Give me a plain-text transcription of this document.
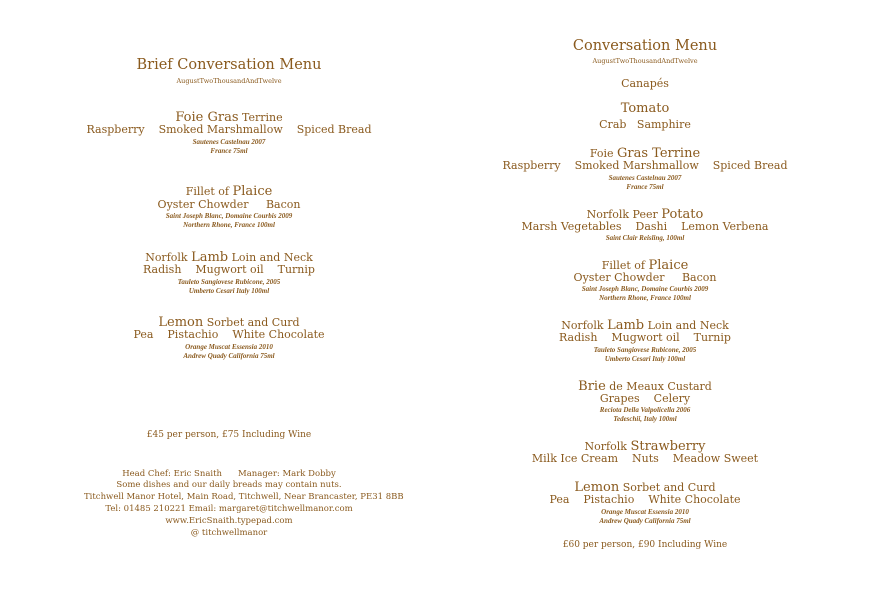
Brief Conversation Menu
AugustTwoThousandAndTwelve
Foie Gras Terrine
Raspberry    Smoked Marshmallow    Spiced Bread
Sautenes Castelnau 2007
France 75ml
Fillet of Plaice
Oyster Chowder     Bacon
Saint Joseph Blanc, Domaine Courbis 2009
Northern Rhone, France 100ml
Norfolk Lamb Loin and Neck
Radish    Mugwort oil    Turnip
Tauleto Sangiovese Rubicone, 2005
Umberto Cesari Italy 100ml
Lemon Sorbet and Curd
Pea    Pistachio    White Chocolate
Orange Muscat Essensia 2010
Andrew Quady California 75ml
£45 per person, £75 Including Wine
Head Chef: Eric Snaith Manager: Mark Dobby
Some dishes and our daily breads may contain nuts.
Titchwell Manor Hotel, Main Road, Titchwell, Near Brancaster, PE31 8BB
Tel: 01485 210221 Email: margaret@titchwellmanor.com
www.EricSnaith.typepad.com
@ titchwellmanor
Conversation Menu
AugustTwoThousandAndTwelve
Canapés
Tomato
Crab   Samphire
Foie Gras Terrine
Raspberry    Smoked Marshmallow    Spiced Bread
Sautenes Castelnau 2007
France 75ml
Norfolk Peer Potato
Marsh Vegetables    Dashi    Lemon Verbena
Saint Clair Reisling, 100ml
Fillet of Plaice
Oyster Chowder     Bacon
Saint Joseph Blanc, Domaine Courbis 2009
Northern Rhone, France 100ml
Norfolk Lamb Loin and Neck
Radish    Mugwort oil    Turnip
Tauleto Sangiovese Rubicone, 2005
Umberto Cesari Italy 100ml
Brie de Meaux Custard
Grapes    Celery
Reciota Della Valpolicella 2006
Tedeschii, Italy 100ml
Norfolk Strawberry
Milk Ice Cream    Nuts    Meadow Sweet
Lemon Sorbet and Curd
Pea    Pistachio    White Chocolate
Orange Muscat Essensia 2010
Andrew Quady California 75ml
£60 per person, £90 Including Wine
